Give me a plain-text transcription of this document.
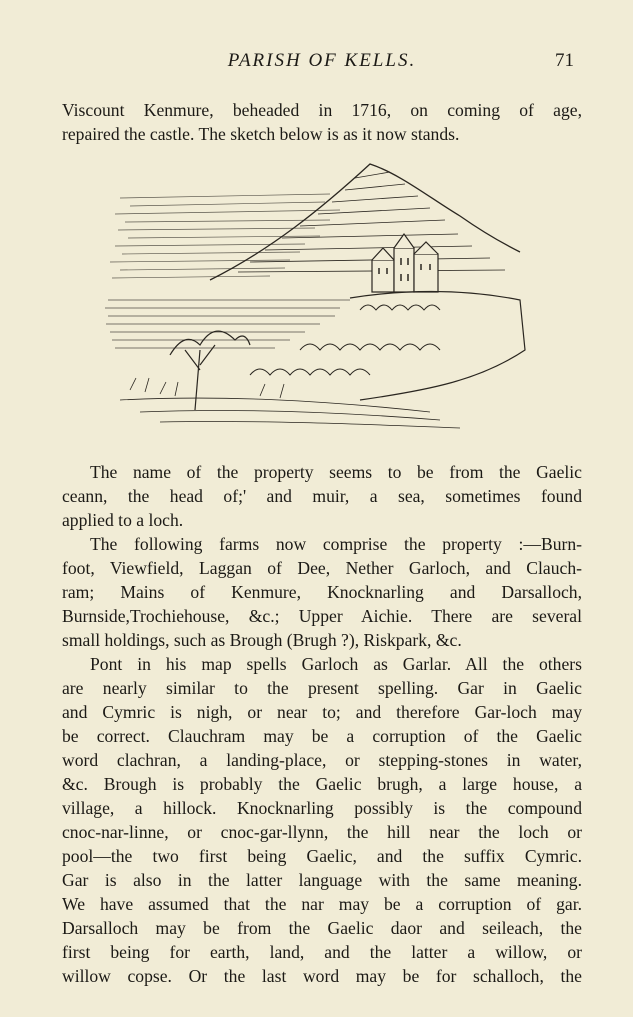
PARISH OF KELLS.	71
Viscount Kenmure, beheaded in 1716, on coming of age,
repaired the castle. The sketch below is as it now stands.
The name of the property seems to be from the Gaelic
ceann, the head of;' and muir, a sea, sometimes found
applied to a loch.
The following farms now comprise the property :—Burn-
foot, Viewfield, Laggan of Dee, Nether Garloch, and Clauch-
ram; Mains of Kenmure, Knocknarling and Darsalloch,
Burnside,Trochiehouse, &c.; Upper Aichie. There are several
small holdings, such as Brough (Brugh ?), Riskpark, &c.
Pont in his map spells Garloch as Garlar. All the others
are nearly similar to the present spelling. Gar in Gaelic
and Cymric is nigh, or near to; and therefore Gar-loch may
be correct. Clauchram may be a corruption of the Gaelic
word clachran, a landing-place, or stepping-stones in water,
&c. Brough is probably the Gaelic brugh, a large house, a
village, a hillock. Knocknarling possibly is the compound
cnoc-nar-linne, or cnoc-gar-llynn, the hill near the loch or
pool—the two first being Gaelic, and the suffix Cymric.
Gar is also in the latter language with the same meaning.
We have assumed that the nar may be a corruption of gar.
Darsalloch may be from the Gaelic daor and seileach, the
first being for earth, land, and the latter a willow, or
willow copse. Or the last word may be for schalloch, the
